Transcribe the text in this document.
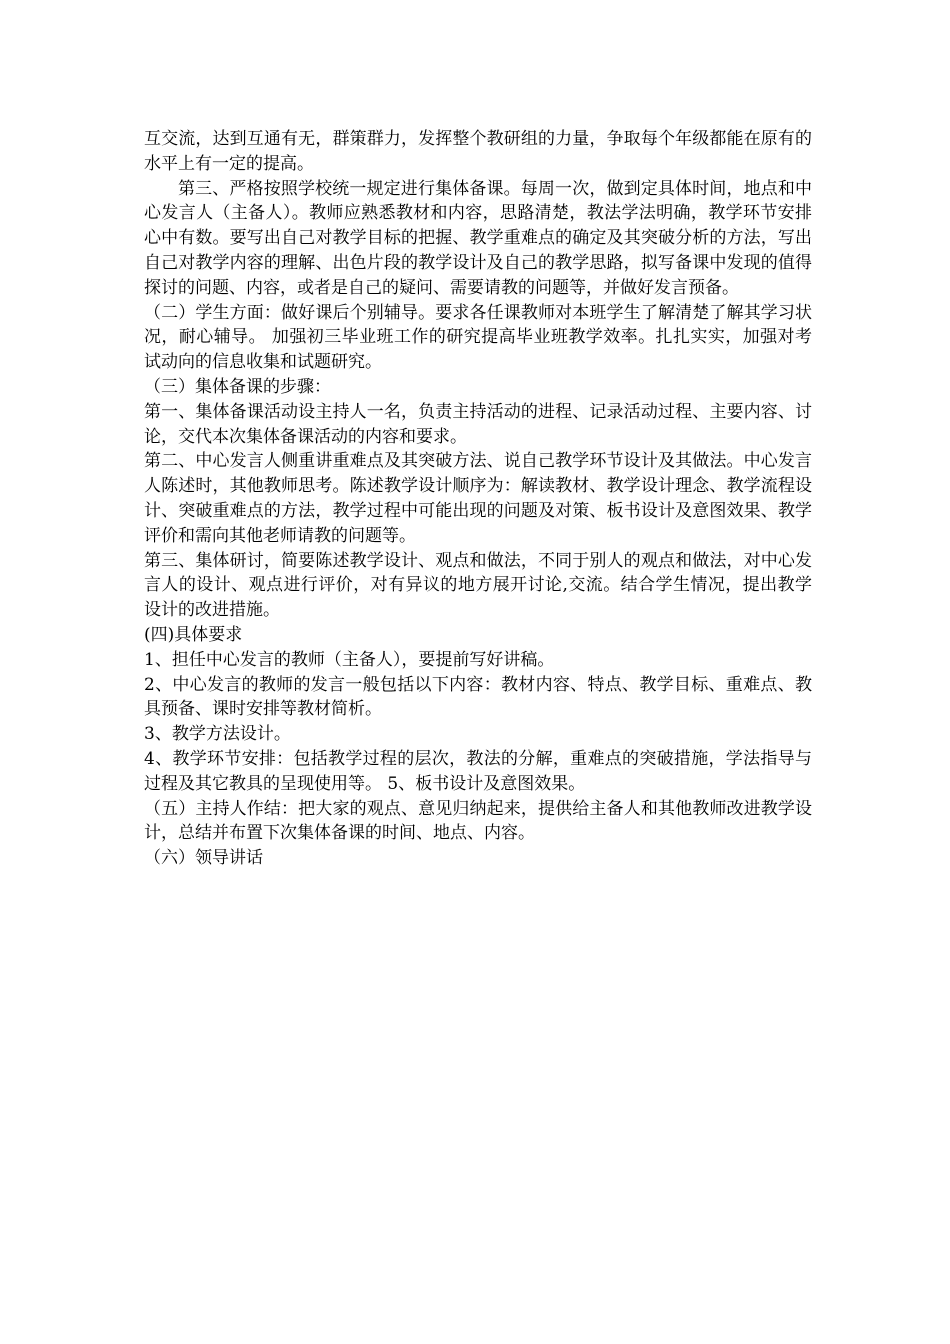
互交流，达到互通有无，群策群力，发挥整个教研组的力量，争取每个年级都能在原有的水平上有一定的提高。

第三、严格按照学校统一规定进行集体备课。每周一次，做到定具体时间，地点和中心发言人（主备人）。教师应熟悉教材和内容，思路清楚，教法学法明确，教学环节安排心中有数。要写出自己对教学目标的把握、教学重难点的确定及其突破分析的方法，写出自己对教学内容的理解、出色片段的教学设计及自己的教学思路，拟写备课中发现的值得探讨的问题、内容，或者是自己的疑问、需要请教的问题等，并做好发言预备。

（二）学生方面：做好课后个别辅导。要求各任课教师对本班学生了解清楚了解其学习状况，耐心辅导。 加强初三毕业班工作的研究提高毕业班教学效率。扎扎实实，加强对考试动向的信息收集和试题研究。

（三）集体备课的步骤：

第一、集体备课活动设主持人一名，负责主持活动的进程、记录活动过程、主要内容、讨论，交代本次集体备课活动的内容和要求。

第二、中心发言人侧重讲重难点及其突破方法、说自己教学环节设计及其做法。中心发言人陈述时，其他教师思考。陈述教学设计顺序为：解读教材、教学设计理念、教学流程设计、突破重难点的方法，教学过程中可能出现的问题及对策、板书设计及意图效果、教学评价和需向其他老师请教的问题等。

第三、集体研讨，简要陈述教学设计、观点和做法，不同于别人的观点和做法，对中心发言人的设计、观点进行评价，对有异议的地方展开讨论,交流。结合学生情况，提出教学设计的改进措施。

(四)具体要求

1、担任中心发言的教师（主备人），要提前写好讲稿。

2、中心发言的教师的发言一般包括以下内容：教材内容、特点、教学目标、重难点、教具预备、课时安排等教材简析。

3、教学方法设计。

4、教学环节安排：包括教学过程的层次，教法的分解，重难点的突破措施，学法指导与过程及其它教具的呈现使用等。 5、板书设计及意图效果。

（五）主持人作结：把大家的观点、意见归纳起来，提供给主备人和其他教师改进教学设计，总结并布置下次集体备课的时间、地点、内容。

（六）领导讲话
